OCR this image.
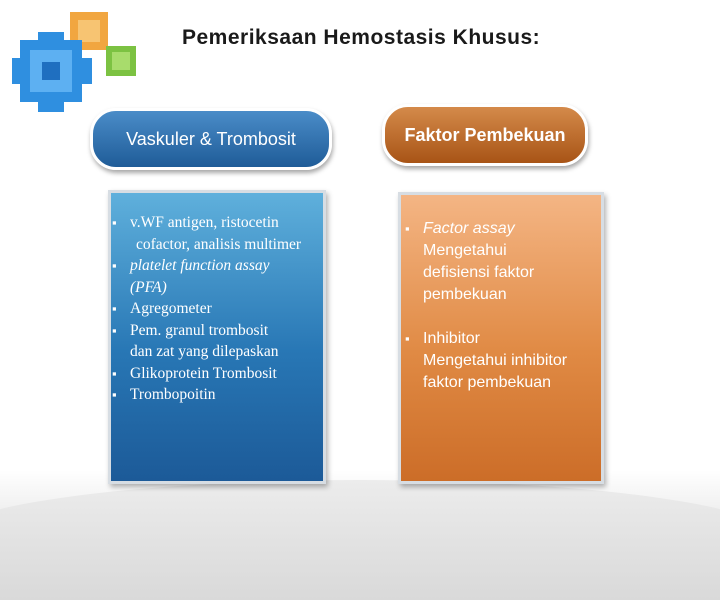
Pemeriksaan Hemostasis Khusus:
Vaskuler & Trombosit	Faktor Pembekuan
▪ v.WF antigen, ristocetin
cofactor, analisis multimer
▪ platelet function assay
(PFA)
▪ Agregometer
▪ Pem. granul trombosit
dan zat yang dilepaskan
▪ Glikoprotein Trombosit
▪ Trombopoitin
▪ Factor assay
Mengetahui
defisiensi faktor
pembekuan
▪ Inhibitor
Mengetahui inhibitor
faktor pembekuan
